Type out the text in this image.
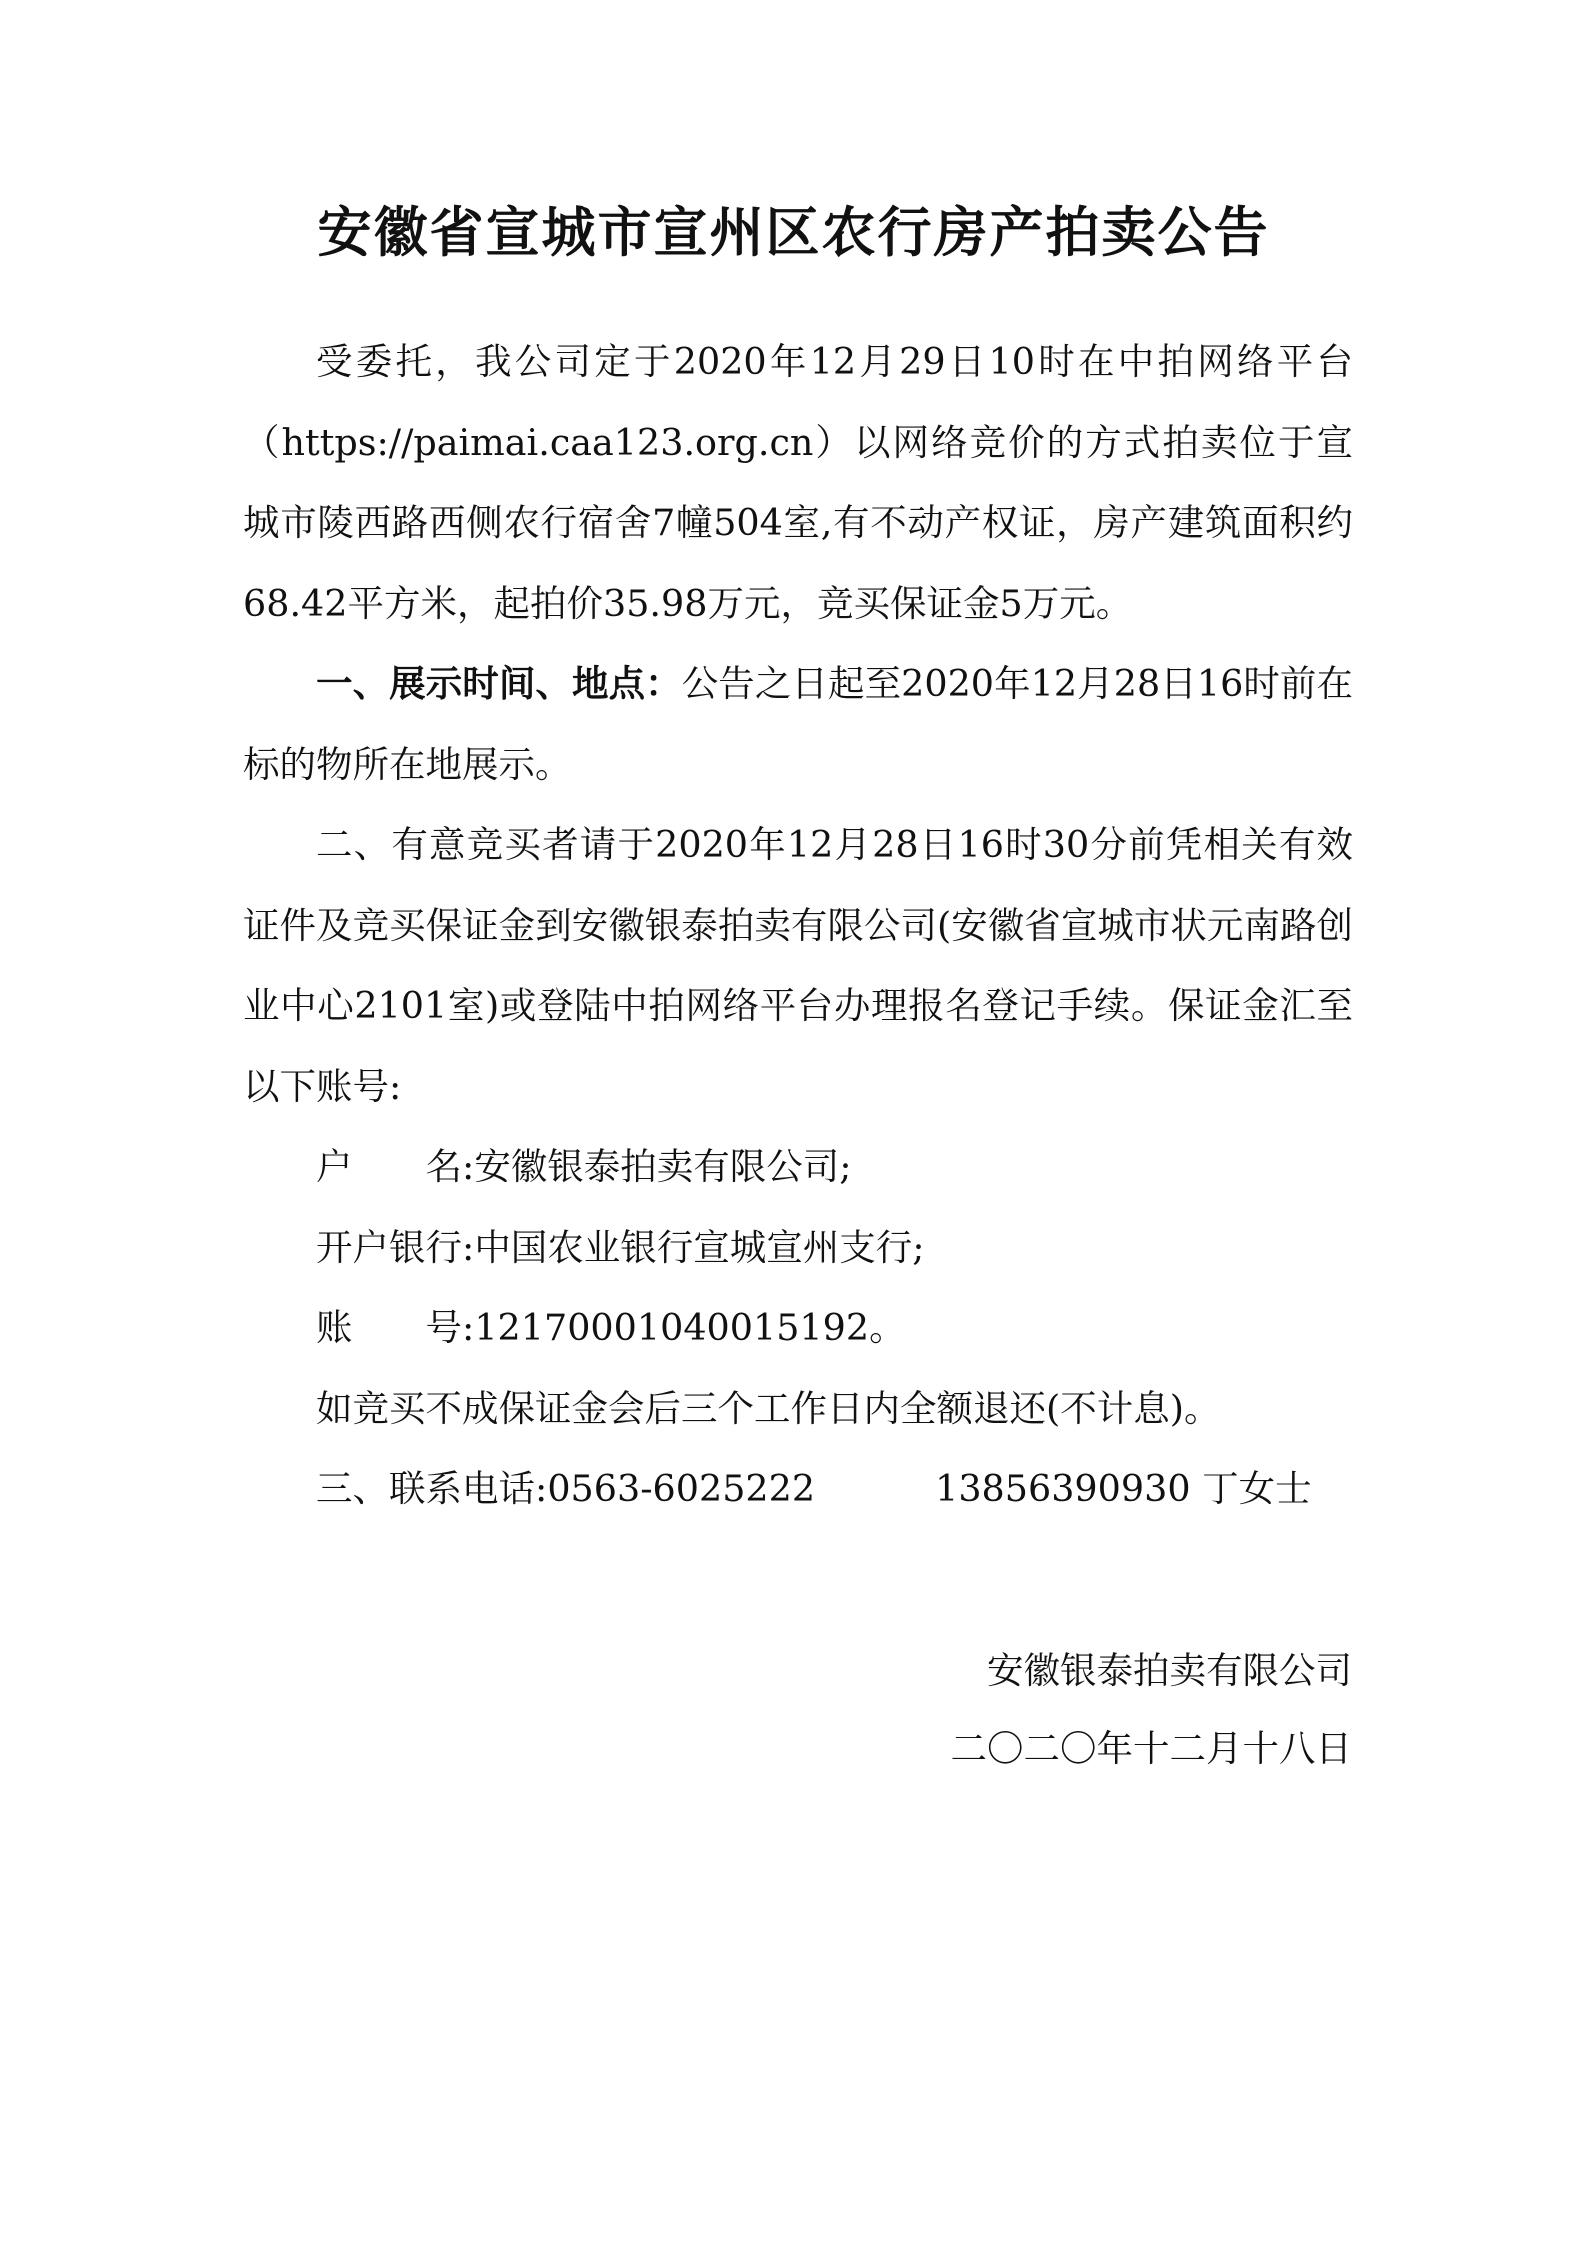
安徽省宣城市宣州区农行房产拍卖公告

受委托，我公司定于2020年12月29日10时在中拍网络平台（https://paimai.caa123.org.cn）以网络竞价的方式拍卖位于宣城市陵西路西侧农行宿舍7幢504室,有不动产权证，房产建筑面积约68.42平方米，起拍价35.98万元，竞买保证金5万元。

一、展示时间、地点：公告之日起至2020年12月28日16时前在标的物所在地展示。

二、有意竞买者请于2020年12月28日16时30分前凭相关有效证件及竞买保证金到安徽银泰拍卖有限公司(安徽省宣城市状元南路创业中心2101室)或登陆中拍网络平台办理报名登记手续。保证金汇至以下账号:

户名:安徽银泰拍卖有限公司;

开户银行:中国农业银行宣城宣州支行;

账号:12170001040015192。

如竞买不成保证金会后三个工作日内全额退还(不计息)。

三、联系电话:0563-6025222	13856390930 丁女士

安徽银泰拍卖有限公司
二〇二〇年十二月十八日
